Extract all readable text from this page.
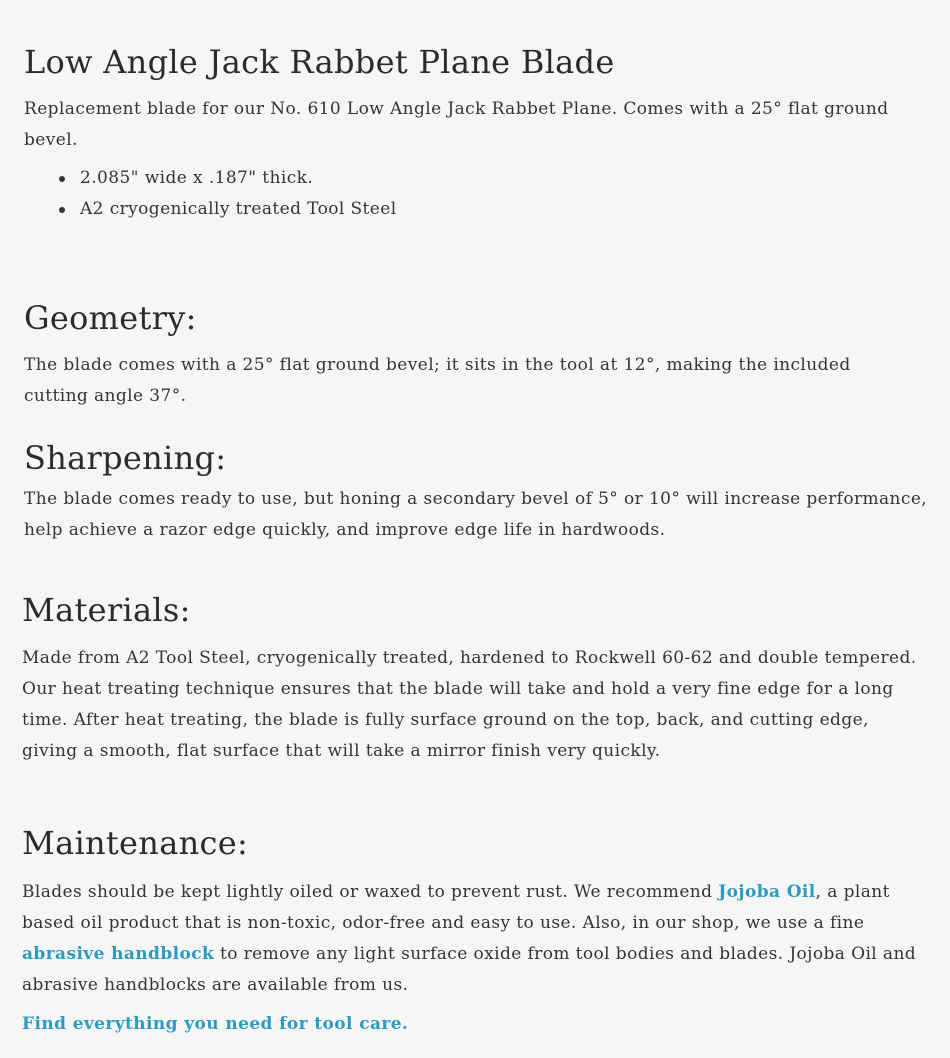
Low Angle Jack Rabbet Plane Blade

Replacement blade for our No. 610 Low Angle Jack Rabbet Plane. Comes with a 25° flat ground bevel.

2.085" wide x .187" thick.
A2 cryogenically treated Tool Steel
Geometry:

The blade comes with a 25° flat ground bevel; it sits in the tool at 12°, making the included cutting angle 37°.

Sharpening:

The blade comes ready to use, but honing a secondary bevel of 5° or 10° will increase performance, help achieve a razor edge quickly, and improve edge life in hardwoods.

Materials:

Made from A2 Tool Steel, cryogenically treated, hardened to Rockwell 60-62 and double tempered. Our heat treating technique ensures that the blade will take and hold a very fine edge for a long time. After heat treating, the blade is fully surface ground on the top, back, and cutting edge, giving a smooth, flat surface that will take a mirror finish very quickly.

Maintenance:

Blades should be kept lightly oiled or waxed to prevent rust. We recommend Jojoba Oil, a plant based oil product that is non-toxic, odor-free and easy to use. Also, in our shop, we use a fine abrasive handblock to remove any light surface oxide from tool bodies and blades. Jojoba Oil and abrasive handblocks are available from us.

Find everything you need for tool care.
